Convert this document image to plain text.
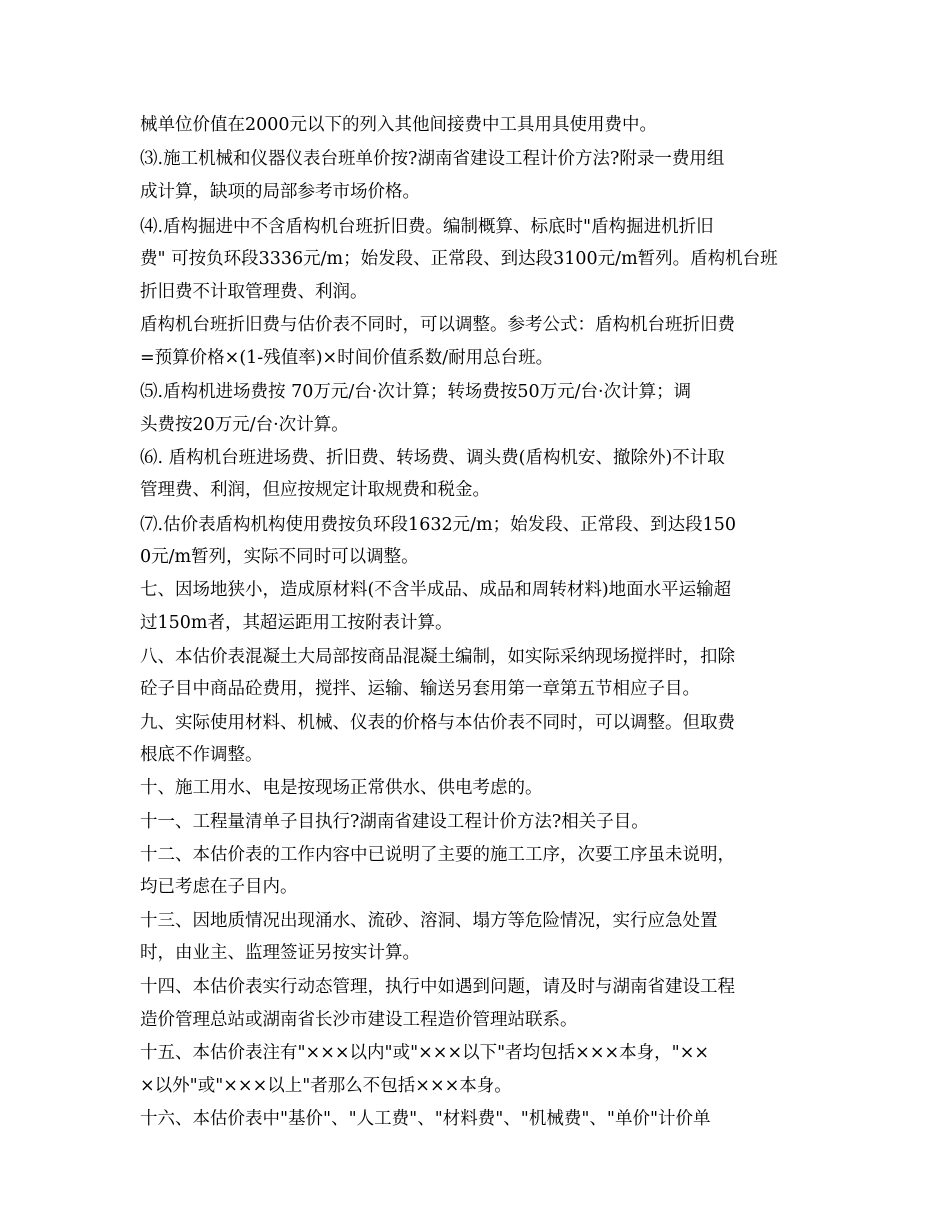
械单位价值在2000元以下的列入其他间接费中工具用具使用费中。
⑶.施工机械和仪器仪表台班单价按?湖南省建设工程计价方法?附录一费用组
成计算，缺项的局部参考市场价格。
⑷.盾构掘进中不含盾构机台班折旧费。编制概算、标底时"盾构掘进机折旧
费" 可按负环段3336元/m；始发段、正常段、到达段3100元/m暂列。盾构机台班
折旧费不计取管理费、利润。
盾构机台班折旧费与估价表不同时，可以调整。参考公式：盾构机台班折旧费
=预算价格×(1-残值率)×时间价值系数/耐用总台班。
⑸.盾构机进场费按 70万元/台·次计算；转场费按50万元/台·次计算；调
头费按20万元/台·次计算。
⑹. 盾构机台班进场费、折旧费、转场费、调头费(盾构机安、撤除外)不计取
管理费、利润，但应按规定计取规费和税金。
⑺.估价表盾构机构使用费按负环段1632元/m；始发段、正常段、到达段150
0元/m暂列，实际不同时可以调整。
七、因场地狭小，造成原材料(不含半成品、成品和周转材料)地面水平运输超
过150m者，其超运距用工按附表计算。
八、本估价表混凝土大局部按商品混凝土编制，如实际采纳现场搅拌时，扣除
砼子目中商品砼费用，搅拌、运输、输送另套用第一章第五节相应子目。
九、实际使用材料、机械、仪表的价格与本估价表不同时，可以调整。但取费
根底不作调整。
十、施工用水、电是按现场正常供水、供电考虑的。
十一、工程量清单子目执行?湖南省建设工程计价方法?相关子目。
十二、本估价表的工作内容中已说明了主要的施工工序，次要工序虽未说明，
均已考虑在子目内。
十三、因地质情况出现涌水、流砂、溶洞、塌方等危险情况，实行应急处置
时，由业主、监理签证另按实计算。
十四、本估价表实行动态管理，执行中如遇到问题，请及时与湖南省建设工程
造价管理总站或湖南省长沙市建设工程造价管理站联系。
十五、本估价表注有"×××以内"或"×××以下"者均包括×××本身，"××
×以外"或"×××以上"者那么不包括×××本身。
十六、本估价表中"基价"、"人工费"、"材料费"、"机械费"、"单价"计价单
